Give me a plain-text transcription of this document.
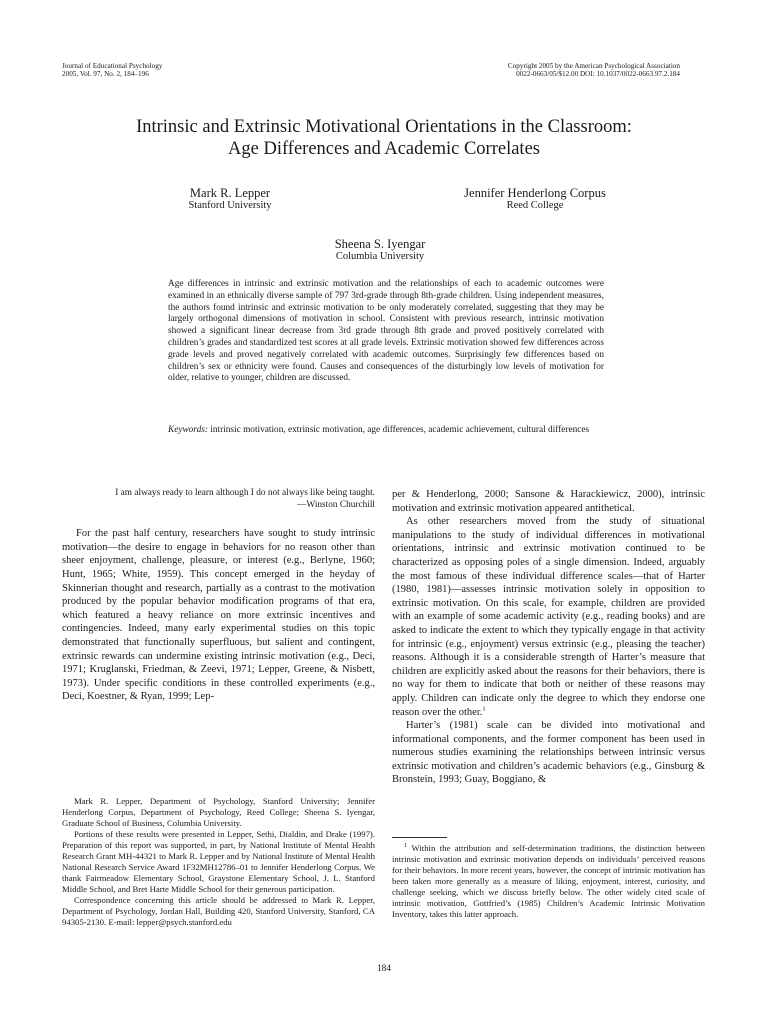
Journal of Educational Psychology
2005, Vol. 97, No. 2, 184–196
Copyright 2005 by the American Psychological Association
0022-0663/05/$12.00 DOI: 10.1037/0022-0663.97.2.184
Intrinsic and Extrinsic Motivational Orientations in the Classroom:
Age Differences and Academic Correlates
Mark R. Lepper
Stanford University
Jennifer Henderlong Corpus
Reed College
Sheena S. Iyengar
Columbia University

Age differences in intrinsic and extrinsic motivation and the relationships of each to academic outcomes were examined in an ethnically diverse sample of 797 3rd-grade through 8th-grade children. Using independent measures, the authors found intrinsic and extrinsic motivation to be only moderately correlated, suggesting that they may be largely orthogonal dimensions of motivation in school. Consistent with previous research, intrinsic motivation showed a significant linear decrease from 3rd grade through 8th grade and proved positively correlated with children’s grades and standardized test scores at all grade levels. Extrinsic motivation showed few differences across grade levels and proved negatively correlated with academic outcomes. Surprisingly few differences based on children’s sex or ethnicity were found. Causes and consequences of the disturbingly low levels of motivation for older, relative to younger, children are discussed.

Keywords: intrinsic motivation, extrinsic motivation, age differences, academic achievement, cultural differences

I am always ready to learn although I do not always like being taught.
—Winston Churchill

For the past half century, researchers have sought to study intrinsic motivation—the desire to engage in behaviors for no reason other than sheer enjoyment, challenge, pleasure, or interest (e.g., Berlyne, 1960; Hunt, 1965; White, 1959). This concept emerged in the heyday of Skinnerian thought and research, partially as a contrast to the motivation produced by the popular behavior modification programs of that era, which featured a heavy reliance on more extrinsic incentives and contingencies. Indeed, many early experimental studies on this topic demonstrated that functionally superfluous, but salient and contingent, extrinsic rewards can undermine existing intrinsic motivation (e.g., Deci, 1971; Kruglanski, Friedman, & Zeevi, 1971; Lepper, Greene, & Nisbett, 1973). Under specific conditions in these controlled experiments (e.g., Deci, Koestner, & Ryan, 1999; Lep-

per & Henderlong, 2000; Sansone & Harackiewicz, 2000), intrinsic motivation and extrinsic motivation appeared antithetical.

As other researchers moved from the study of situational manipulations to the study of individual differences in motivational orientations, intrinsic and extrinsic motivation continued to be characterized as opposing poles of a single dimension. Indeed, arguably the most famous of these individual difference scales—that of Harter (1980, 1981)—assesses intrinsic motivation solely in opposition to extrinsic motivation. On this scale, for example, children are provided with an example of some academic activity (e.g., reading books) and are asked to indicate the extent to which they typically engage in that activity for intrinsic (e.g., enjoyment) versus extrinsic (e.g., pleasing the teacher) reasons. Although it is a considerable strength of Harter’s measure that children are explicitly asked about the reasons for their behaviors, there is no way for them to indicate that both or neither of these reasons may apply. Children can indicate only the degree to which they endorse one reason over the other.$^1$

Harter’s (1981) scale can be divided into motivational and informational components, and the former component has been used in numerous studies examining the relationships between intrinsic versus extrinsic motivation and children’s academic behaviors (e.g., Ginsburg & Bronstein, 1993; Guay, Boggiano, &

Mark R. Lepper, Department of Psychology, Stanford University; Jennifer Henderlong Corpus, Department of Psychology, Reed College; Sheena S. Iyengar, Graduate School of Business, Columbia University.

Portions of these results were presented in Lepper, Sethi, Dialdin, and Drake (1997). Preparation of this report was supported, in part, by National Institute of Mental Health Research Grant MH-44321 to Mark R. Lepper and by National Institute of Mental Health National Research Service Award 1F32MH12786–01 to Jennifer Henderlong Corpus. We thank Fairmeadow Elementary School, Graystone Elementary School, J. L. Stanford Middle School, and Bret Harte Middle School for their generous participation.

Correspondence concerning this article should be addressed to Mark R. Lepper, Department of Psychology, Jordan Hall, Building 420, Stanford University, Stanford, CA 94305-2130. E-mail: lepper@psych.stanford.edu

$^1$ Within the attribution and self-determination traditions, the distinction between intrinsic motivation and extrinsic motivation depends on individuals’ perceived reasons for their behaviors. In more recent years, however, the concept of intrinsic motivation has been taken more generally as a measure of liking, enjoyment, interest, curiosity, and challenge seeking, which we discuss briefly below. The other widely cited scale of intrinsic motivation, Gottfried’s (1985) Children’s Academic Intrinsic Motivation Inventory, takes this latter approach.

184
